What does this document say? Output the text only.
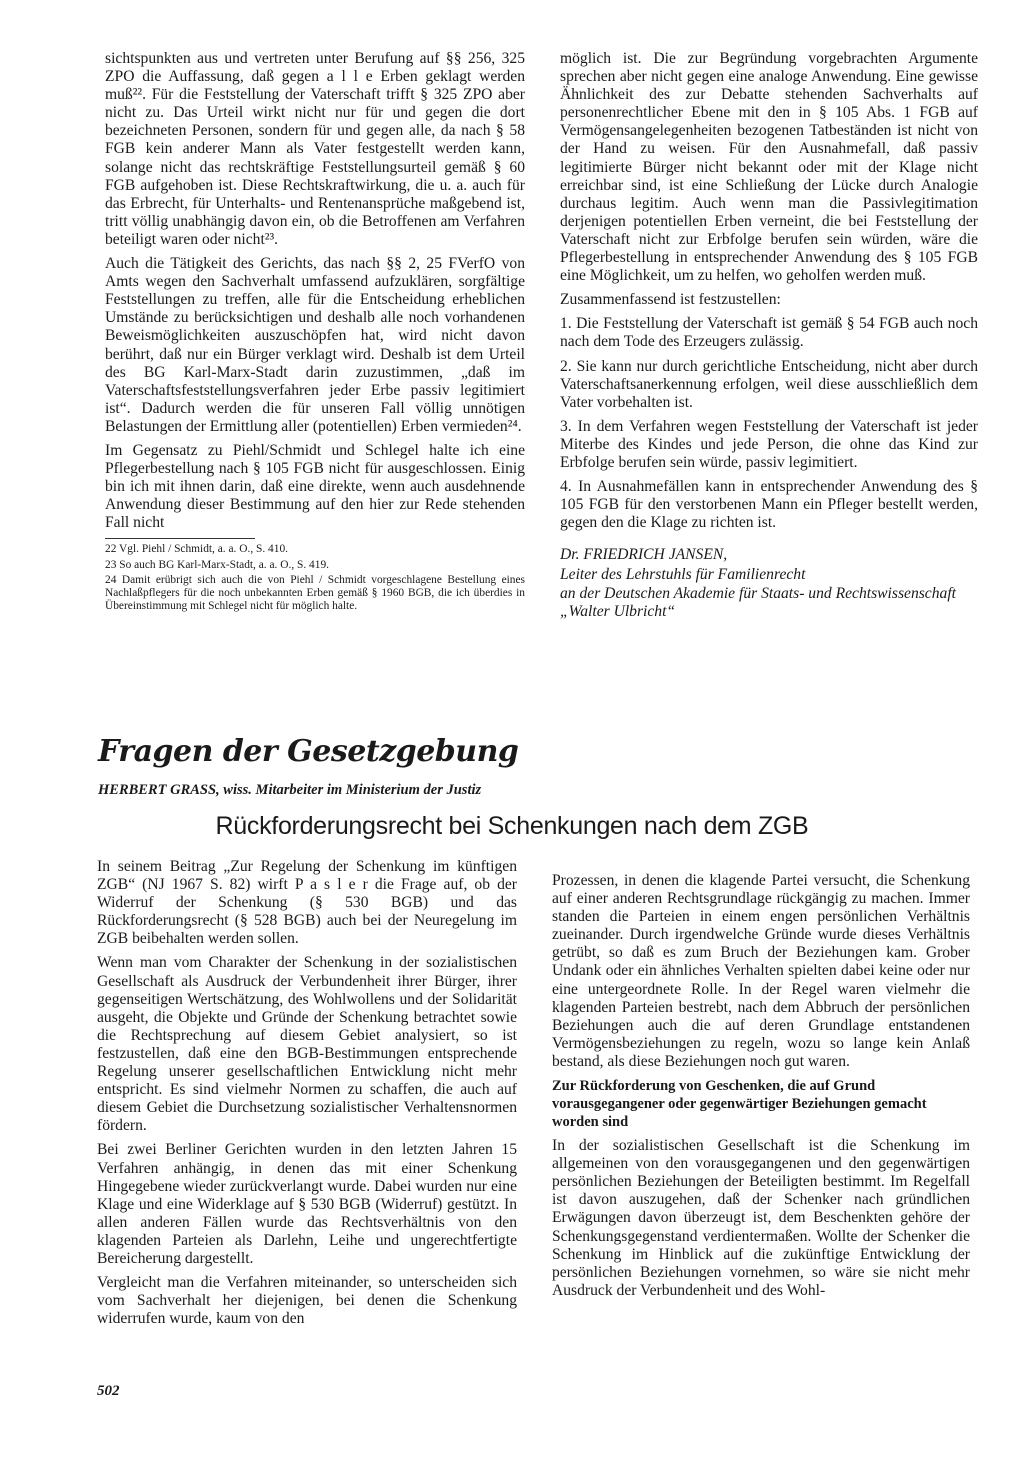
sichtspunkten aus und vertreten unter Berufung auf §§ 256, 325 ZPO die Auffassung, daß gegen a l l e Erben geklagt werden muß²². Für die Feststellung der Vaterschaft trifft § 325 ZPO aber nicht zu. Das Urteil wirkt nicht nur für und gegen die dort bezeichneten Personen, sondern für und gegen alle, da nach § 58 FGB kein anderer Mann als Vater festgestellt werden kann, solange nicht das rechtskräftige Feststellungsurteil gemäß § 60 FGB aufgehoben ist. Diese Rechtskraftwirkung, die u. a. auch für das Erbrecht, für Unterhalts- und Rentenansprüche maßgebend ist, tritt völlig unabhängig davon ein, ob die Betroffenen am Verfahren beteiligt waren oder nicht²³.

Auch die Tätigkeit des Gerichts, das nach §§ 2, 25 FVerfO von Amts wegen den Sachverhalt umfassend aufzuklären, sorgfältige Feststellungen zu treffen, alle für die Entscheidung erheblichen Umstände zu berücksichtigen und deshalb alle noch vorhandenen Beweismöglichkeiten auszuschöpfen hat, wird nicht davon berührt, daß nur ein Bürger verklagt wird. Deshalb ist dem Urteil des BG Karl-Marx-Stadt darin zuzustimmen, „daß im Vaterschaftsfeststellungsverfahren jeder Erbe passiv legitimiert ist“. Dadurch werden die für unseren Fall völlig unnötigen Belastungen der Ermittlung aller (potentiellen) Erben vermieden²⁴.

Im Gegensatz zu Piehl/Schmidt und Schlegel halte ich eine Pflegerbestellung nach § 105 FGB nicht für ausgeschlossen. Einig bin ich mit ihnen darin, daß eine direkte, wenn auch ausdehnende Anwendung dieser Bestimmung auf den hier zur Rede stehenden Fall nicht

22 Vgl. Piehl / Schmidt, a. a. O., S. 410.

23 So auch BG Karl-Marx-Stadt, a. a. O., S. 419.

24 Damit erübrigt sich auch die von Piehl / Schmidt vorgeschlagene Bestellung eines Nachlaßpflegers für die noch unbekannten Erben gemäß § 1960 BGB, die ich überdies in Übereinstimmung mit Schlegel nicht für möglich halte.

möglich ist. Die zur Begründung vorgebrachten Argumente sprechen aber nicht gegen eine analoge Anwendung. Eine gewisse Ähnlichkeit des zur Debatte stehenden Sachverhalts auf personenrechtlicher Ebene mit den in § 105 Abs. 1 FGB auf Vermögensangelegenheiten bezogenen Tatbeständen ist nicht von der Hand zu weisen. Für den Ausnahmefall, daß passiv legitimierte Bürger nicht bekannt oder mit der Klage nicht erreichbar sind, ist eine Schließung der Lücke durch Analogie durchaus legitim. Auch wenn man die Passivlegitimation derjenigen potentiellen Erben verneint, die bei Feststellung der Vaterschaft nicht zur Erbfolge berufen sein würden, wäre die Pflegerbestellung in entsprechender Anwendung des § 105 FGB eine Möglichkeit, um zu helfen, wo geholfen werden muß.

Zusammenfassend ist festzustellen:

1. Die Feststellung der Vaterschaft ist gemäß § 54 FGB auch noch nach dem Tode des Erzeugers zulässig.

2. Sie kann nur durch gerichtliche Entscheidung, nicht aber durch Vaterschaftsanerkennung erfolgen, weil diese ausschließlich dem Vater vorbehalten ist.

3. In dem Verfahren wegen Feststellung der Vaterschaft ist jeder Miterbe des Kindes und jede Person, die ohne das Kind zur Erbfolge berufen sein würde, passiv legimitiert.

4. In Ausnahmefällen kann in entsprechender Anwendung des § 105 FGB für den verstorbenen Mann ein Pfleger bestellt werden, gegen den die Klage zu richten ist.

Dr. FRIEDRICH JANSEN,

Leiter des Lehrstuhls für Familienrecht

an der Deutschen Akademie für Staats- und Rechtswissenschaft „Walter Ulbricht“

Fragen der Gesetzgebung
HERBERT GRASS, wiss. Mitarbeiter im Ministerium der Justiz
Rückforderungsrecht bei Schenkungen nach dem ZGB

In seinem Beitrag „Zur Regelung der Schenkung im künftigen ZGB“ (NJ 1967 S. 82) wirft P a s l e r die Frage auf, ob der Widerruf der Schenkung (§ 530 BGB) und das Rückforderungsrecht (§ 528 BGB) auch bei der Neuregelung im ZGB beibehalten werden sollen.

Wenn man vom Charakter der Schenkung in der sozialistischen Gesellschaft als Ausdruck der Verbundenheit ihrer Bürger, ihrer gegenseitigen Wertschätzung, des Wohlwollens und der Solidarität ausgeht, die Objekte und Gründe der Schenkung betrachtet sowie die Rechtsprechung auf diesem Gebiet analysiert, so ist festzustellen, daß eine den BGB-Bestimmungen entsprechende Regelung unserer gesellschaftlichen Entwicklung nicht mehr entspricht. Es sind vielmehr Normen zu schaffen, die auch auf diesem Gebiet die Durchsetzung sozialistischer Verhaltensnormen fördern.

Bei zwei Berliner Gerichten wurden in den letzten Jahren 15 Verfahren anhängig, in denen das mit einer Schenkung Hingegebene wieder zurückverlangt wurde. Dabei wurden nur eine Klage und eine Widerklage auf § 530 BGB (Widerruf) gestützt. In allen anderen Fällen wurde das Rechtsverhältnis von den klagenden Parteien als Darlehn, Leihe und ungerechtfertigte Bereicherung dargestellt.

Vergleicht man die Verfahren miteinander, so unterscheiden sich vom Sachverhalt her diejenigen, bei denen die Schenkung widerrufen wurde, kaum von den

Prozessen, in denen die klagende Partei versucht, die Schenkung auf einer anderen Rechtsgrundlage rückgängig zu machen. Immer standen die Parteien in einem engen persönlichen Verhältnis zueinander. Durch irgendwelche Gründe wurde dieses Verhältnis getrübt, so daß es zum Bruch der Beziehungen kam. Grober Undank oder ein ähnliches Verhalten spielten dabei keine oder nur eine untergeordnete Rolle. In der Regel waren vielmehr die klagenden Parteien bestrebt, nach dem Abbruch der persönlichen Beziehungen auch die auf deren Grundlage entstandenen Vermögensbeziehungen zu regeln, wozu so lange kein Anlaß bestand, als diese Beziehungen noch gut waren.

Zur Rückforderung von Geschenken, die auf Grund vorausgegangener oder gegenwärtiger Beziehungen gemacht worden sind

In der sozialistischen Gesellschaft ist die Schenkung im allgemeinen von den vorausgegangenen und den gegenwärtigen persönlichen Beziehungen der Beteiligten bestimmt. Im Regelfall ist davon auszugehen, daß der Schenker nach gründlichen Erwägungen davon überzeugt ist, dem Beschenkten gehöre der Schenkungsgegenstand verdientermaßen. Wollte der Schenker die Schenkung im Hinblick auf die zukünftige Entwicklung der persönlichen Beziehungen vornehmen, so wäre sie nicht mehr Ausdruck der Verbundenheit und des Wohl-

502
